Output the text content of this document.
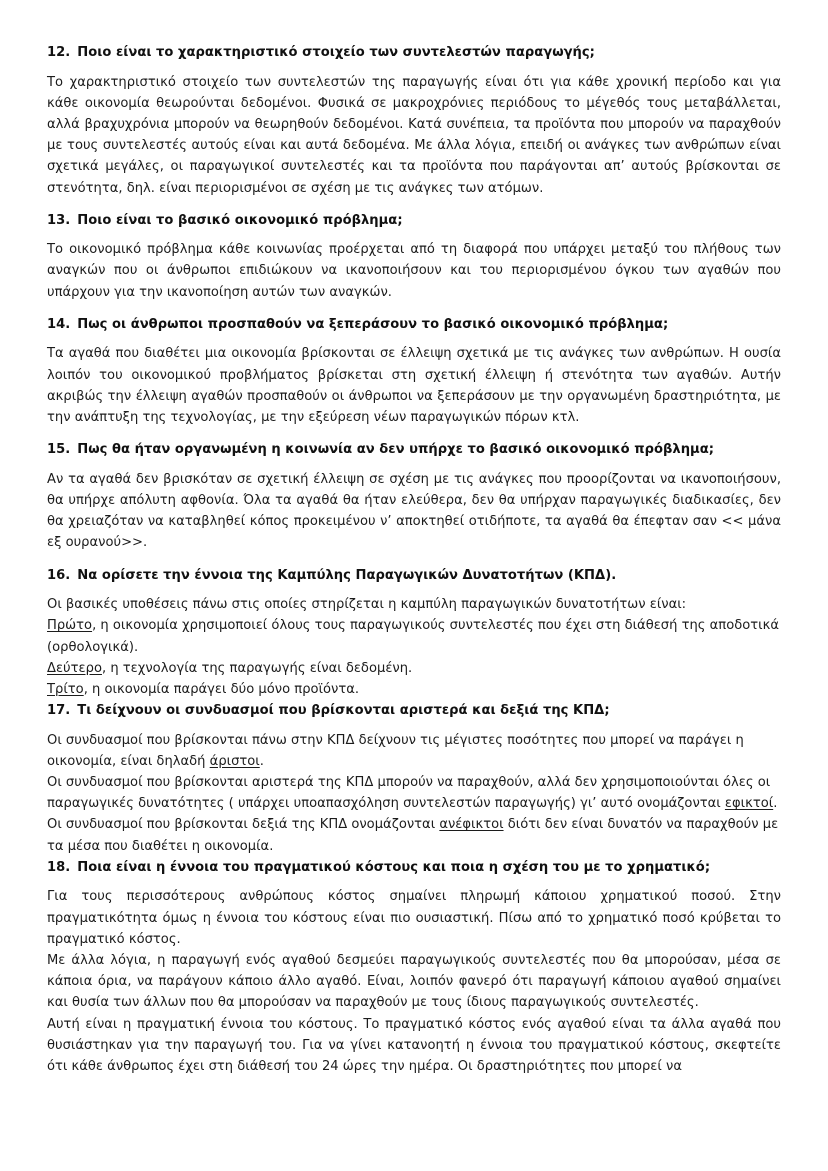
12. Ποιο είναι το χαρακτηριστικό στοιχείο των συντελεστών παραγωγής;

Το χαρακτηριστικό στοιχείο των συντελεστών της παραγωγής είναι ότι για κάθε χρονική περίοδο και για κάθε οικονομία θεωρούνται δεδομένοι. Φυσικά σε μακροχρόνιες περιόδους το μέγεθός τους μεταβάλλεται, αλλά βραχυχρόνια μπορούν να θεωρηθούν δεδομένοι. Κατά συνέπεια, τα προϊόντα που μπορούν να παραχθούν με τους συντελεστές αυτούς είναι και αυτά δεδομένα. Με άλλα λόγια, επειδή οι ανάγκες των ανθρώπων είναι σχετικά μεγάλες, οι παραγωγικοί συντελεστές και τα προϊόντα που παράγονται απ’ αυτούς βρίσκονται σε στενότητα, δηλ. είναι περιορισμένοι σε σχέση με τις ανάγκες των ατόμων.

13. Ποιο είναι το βασικό οικονομικό πρόβλημα;

Το οικονομικό πρόβλημα κάθε κοινωνίας προέρχεται από τη διαφορά που υπάρχει μεταξύ του πλήθους των αναγκών που οι άνθρωποι επιδιώκουν να ικανοποιήσουν και του περιορισμένου όγκου των αγαθών που υπάρχουν για την ικανοποίηση αυτών των αναγκών.

14. Πως οι άνθρωποι προσπαθούν να ξεπεράσουν το βασικό οικονομικό πρόβλημα;

Τα αγαθά που διαθέτει μια οικονομία βρίσκονται σε έλλειψη σχετικά με τις ανάγκες των ανθρώπων. Η ουσία λοιπόν του οικονομικού προβλήματος βρίσκεται στη σχετική έλλειψη ή στενότητα των αγαθών. Αυτήν ακριβώς την έλλειψη αγαθών προσπαθούν οι άνθρωποι να ξεπεράσουν με την οργανωμένη δραστηριότητα, με την ανάπτυξη της τεχνολογίας, με την εξεύρεση νέων παραγωγικών πόρων κτλ.

15. Πως θα ήταν οργανωμένη η κοινωνία αν δεν υπήρχε το βασικό οικονομικό πρόβλημα;

Αν τα αγαθά δεν βρισκόταν σε σχετική έλλειψη σε σχέση με τις ανάγκες που προορίζονται να ικανοποιήσουν, θα υπήρχε απόλυτη αφθονία. Όλα τα αγαθά θα ήταν ελεύθερα, δεν θα υπήρχαν παραγωγικές διαδικασίες, δεν θα χρειαζόταν να καταβληθεί κόπος προκειμένου ν’ αποκτηθεί οτιδήποτε, τα αγαθά θα έπεφταν σαν << μάνα εξ ουρανού>>.

16. Να ορίσετε την έννοια της Καμπύλης Παραγωγικών Δυνατοτήτων (ΚΠΔ).

Οι βασικές υποθέσεις πάνω στις οποίες στηρίζεται η καμπύλη παραγωγικών δυνατοτήτων είναι:

Πρώτο, η οικονομία χρησιμοποιεί όλους τους παραγωγικούς συντελεστές που έχει στη διάθεσή της αποδοτικά (ορθολογικά).

Δεύτερο, η τεχνολογία της παραγωγής είναι δεδομένη.

Τρίτο, η οικονομία παράγει δύο μόνο προϊόντα.

17. Τι δείχνουν οι συνδυασμοί που βρίσκονται αριστερά και δεξιά της ΚΠΔ;

Οι συνδυασμοί που βρίσκονται πάνω στην ΚΠΔ δείχνουν τις μέγιστες ποσότητες που μπορεί να παράγει η οικονομία, είναι δηλαδή άριστοι.

Οι συνδυασμοί που βρίσκονται αριστερά της ΚΠΔ μπορούν να παραχθούν, αλλά δεν χρησιμοποιούνται όλες οι παραγωγικές δυνατότητες ( υπάρχει υποαπασχόληση συντελεστών παραγωγής) γι’ αυτό ονομάζονται εφικτοί.

Οι συνδυασμοί που βρίσκονται δεξιά της ΚΠΔ ονομάζονται ανέφικτοι διότι δεν είναι δυνατόν να παραχθούν με τα μέσα που διαθέτει η οικονομία.

18. Ποια είναι η έννοια του πραγματικού κόστους και ποια η σχέση του με το χρηματικό;

Για τους περισσότερους ανθρώπους κόστος σημαίνει πληρωμή κάποιου χρηματικού ποσού. Στην πραγματικότητα όμως η έννοια του κόστους είναι πιο ουσιαστική. Πίσω από το χρηματικό ποσό κρύβεται το πραγματικό κόστος.

Με άλλα λόγια, η παραγωγή ενός αγαθού δεσμεύει παραγωγικούς συντελεστές που θα μπορούσαν, μέσα σε κάποια όρια, να παράγουν κάποιο άλλο αγαθό. Είναι, λοιπόν φανερό ότι παραγωγή κάποιου αγαθού σημαίνει και θυσία των άλλων που θα μπορούσαν να παραχθούν με τους ίδιους παραγωγικούς συντελεστές.

Αυτή είναι η πραγματική έννοια του κόστους. Το πραγματικό κόστος ενός αγαθού είναι τα άλλα αγαθά που θυσιάστηκαν για την παραγωγή του. Για να γίνει κατανοητή η έννοια του πραγματικού κόστους, σκεφτείτε ότι κάθε άνθρωπος έχει στη διάθεσή του 24 ώρες την ημέρα. Οι δραστηριότητες που μπορεί να
